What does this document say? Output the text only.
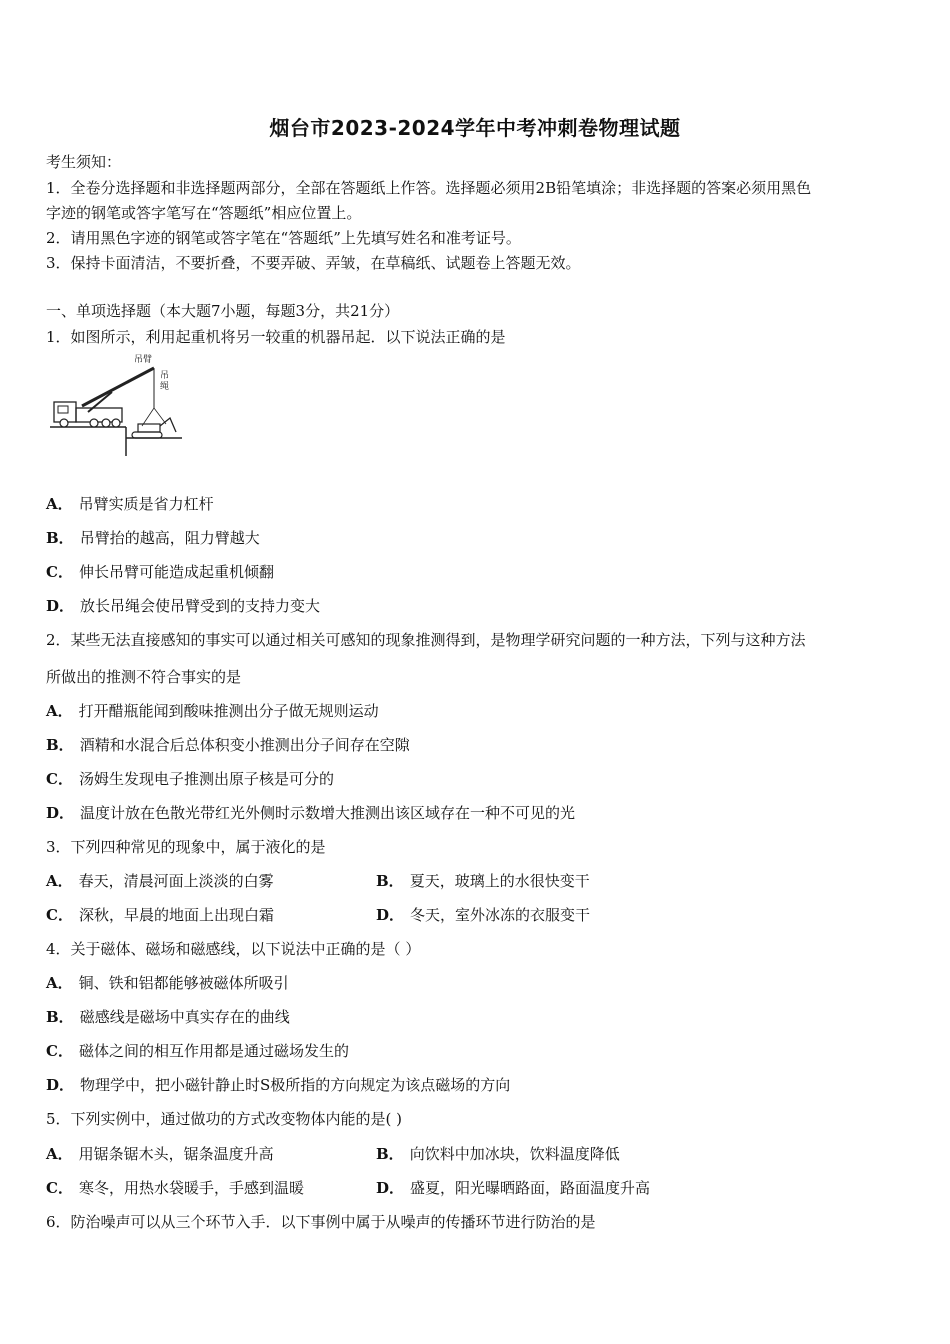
烟台市2023-2024学年中考冲刺卷物理试题
考生须知：
1．全卷分选择题和非选择题两部分，全部在答题纸上作答。选择题必须用2B铅笔填涂；非选择题的答案必须用黑色
字迹的钢笔或答字笔写在“答题纸”相应位置上。
2．请用黑色字迹的钢笔或答字笔在“答题纸”上先填写姓名和准考证号。
3．保持卡面清洁，不要折叠，不要弄破、弄皱，在草稿纸、试题卷上答题无效。
一、单项选择题（本大题7小题，每题3分，共21分）
1．如图所示，利用起重机将另一较重的机器吊起．以下说法正确的是
吊臂
吊
绳
A． 吊臂实质是省力杠杆
B． 吊臂抬的越高，阻力臂越大
C． 伸长吊臂可能造成起重机倾翻
D． 放长吊绳会使吊臂受到的支持力变大
2．某些无法直接感知的事实可以通过相关可感知的现象推测得到，是物理学研究问题的一种方法，下列与这种方法
所做出的推测不符合事实的是
A． 打开醋瓶能闻到酸味推测出分子做无规则运动
B． 酒精和水混合后总体积变小推测出分子间存在空隙
C． 汤姆生发现电子推测出原子核是可分的
D． 温度计放在色散光带红光外侧时示数增大推测出该区域存在一种不可见的光
3．下列四种常见的现象中，属于液化的是
A． 春天，清晨河面上淡淡的白雾	B． 夏天，玻璃上的水很快变干
C． 深秋，早晨的地面上出现白霜	D． 冬天，室外冰冻的衣服变干
4．关于磁体、磁场和磁感线，以下说法中正确的是（ ）
A． 铜、铁和铝都能够被磁体所吸引
B． 磁感线是磁场中真实存在的曲线
C． 磁体之间的相互作用都是通过磁场发生的
D． 物理学中，把小磁针静止时S极所指的方向规定为该点磁场的方向
5．下列实例中，通过做功的方式改变物体内能的是( )
A． 用锯条锯木头，锯条温度升高	B． 向饮料中加冰块，饮料温度降低
C． 寒冬，用热水袋暖手，手感到温暖	D． 盛夏，阳光曝晒路面，路面温度升高
6．防治噪声可以从三个环节入手．以下事例中属于从噪声的传播环节进行防治的是
